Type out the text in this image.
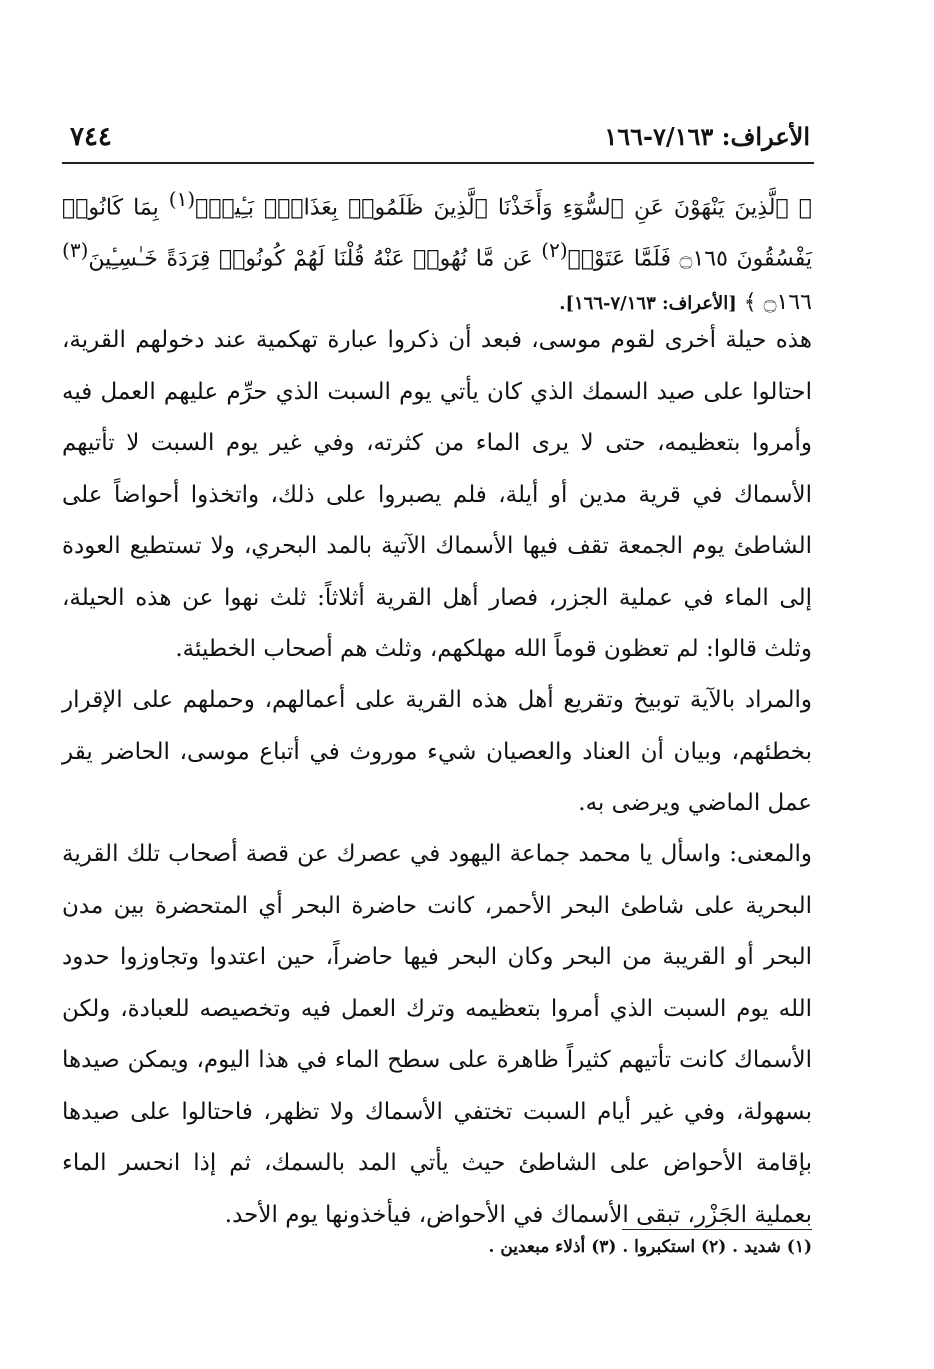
٧٤٤	الأعراف: ٧/١٦٣-١٦٦
﴿ ٱلَّذِينَ يَنْهَوْنَ عَنِ ٱلسُّوٓءِ وَأَخَذْنَا ٱلَّذِينَ ظَلَمُوا۟ بِعَذَابٍۭ بَـِٔيسٍۭ$^{(١)}$ بِمَا كَانُوا۟ يَفْسُقُونَ ۝١٦٥ فَلَمَّا عَتَوْا۟$^{(٢)}$ عَن مَّا نُهُوا۟ عَنْهُ قُلْنَا لَهُمْ كُونُوا۟ قِرَدَةً خَـٰسِـِٔينَ$^{(٣)}$ ۝١٦٦ ﴾ [الأعراف: ٧/١٦٣-١٦٦].

هذه حيلة أخرى لقوم موسى، فبعد أن ذكروا عبارة تهكمية عند دخولهم القرية، احتالوا على صيد السمك الذي كان يأتي يوم السبت الذي حرِّم عليهم العمل فيه وأمروا بتعظيمه، حتى لا يرى الماء من كثرته، وفي غير يوم السبت لا تأتيهم الأسماك في قرية مدين أو أيلة، فلم يصبروا على ذلك، واتخذوا أحواضاً على الشاطئ يوم الجمعة تقف فيها الأسماك الآتية بالمد البحري، ولا تستطيع العودة إلى الماء في عملية الجزر، فصار أهل القرية أثلاثاً: ثلث نهوا عن هذه الحيلة، وثلث قالوا: لم تعظون قوماً الله مهلكهم، وثلث هم أصحاب الخطيئة.

والمراد بالآية توبيخ وتقريع أهل هذه القرية على أعمالهم، وحملهم على الإقرار بخطئهم، وبيان أن العناد والعصيان شيء موروث في أتباع موسى، الحاضر يقر عمل الماضي ويرضى به.

والمعنى: واسأل يا محمد جماعة اليهود في عصرك عن قصة أصحاب تلك القرية البحرية على شاطئ البحر الأحمر، كانت حاضرة البحر أي المتحضرة بين مدن البحر أو القريبة من البحر وكان البحر فيها حاضراً، حين اعتدوا وتجاوزوا حدود الله يوم السبت الذي أمروا بتعظيمه وترك العمل فيه وتخصيصه للعبادة، ولكن الأسماك كانت تأتيهم كثيراً ظاهرة على سطح الماء في هذا اليوم، ويمكن صيدها بسهولة، وفي غير أيام السبت تختفي الأسماك ولا تظهر، فاحتالوا على صيدها بإقامة الأحواض على الشاطئ حيث يأتي المد بالسمك، ثم إذا انحسر الماء بعملية الجَزْر، تبقى الأسماك في الأحواض، فيأخذونها يوم الأحد.

(١) شديد . (٢) استكبروا . (٣) أذلاء مبعدين .
